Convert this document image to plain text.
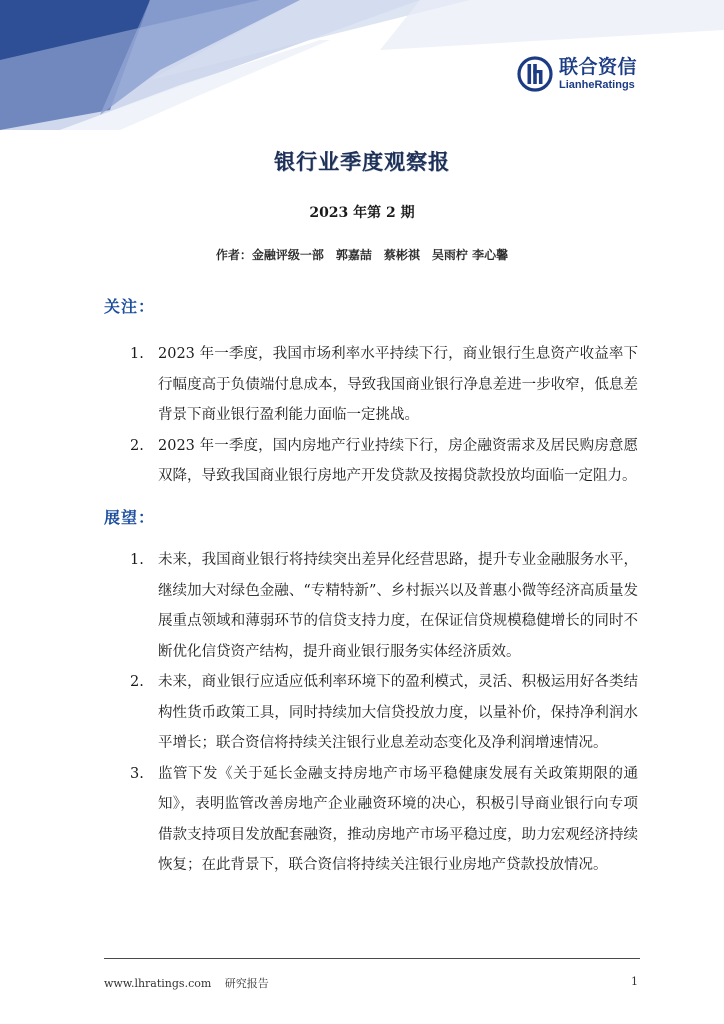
联合资信
LianheRatings
银行业季度观察报
2023 年第 2 期
作者：金融评级一部　郭嘉喆　蔡彬祺　吴雨柠 李心馨
关注：
1. 2023 年一季度，我国市场利率水平持续下行，商业银行生息资产收益率下行幅度高于负债端付息成本，导致我国商业银行净息差进一步收窄，低息差背景下商业银行盈利能力面临一定挑战。
2. 2023 年一季度，国内房地产行业持续下行，房企融资需求及居民购房意愿双降，导致我国商业银行房地产开发贷款及按揭贷款投放均面临一定阻力。
展望：
1. 未来，我国商业银行将持续突出差异化经营思路，提升专业金融服务水平，继续加大对绿色金融、“专精特新”、乡村振兴以及普惠小微等经济高质量发展重点领域和薄弱环节的信贷支持力度，在保证信贷规模稳健增长的同时不断优化信贷资产结构，提升商业银行服务实体经济质效。
2. 未来，商业银行应适应低利率环境下的盈利模式，灵活、积极运用好各类结构性货币政策工具，同时持续加大信贷投放力度，以量补价，保持净利润水平增长；联合资信将持续关注银行业息差动态变化及净利润增速情况。
3. 监管下发《关于延长金融支持房地产市场平稳健康发展有关政策期限的通知》，表明监管改善房地产企业融资环境的决心，积极引导商业银行向专项借款支持项目发放配套融资，推动房地产市场平稳过度，助力宏观经济持续恢复；在此背景下，联合资信将持续关注银行业房地产贷款投放情况。
www.lhratings.com 研究报告	1
